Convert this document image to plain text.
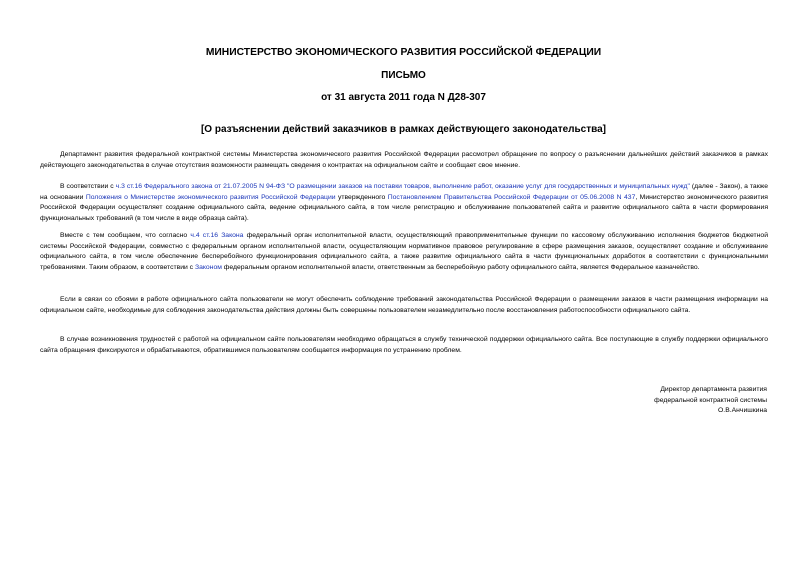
МИНИСТЕРСТВО ЭКОНОМИЧЕСКОГО РАЗВИТИЯ РОССИЙСКОЙ ФЕДЕРАЦИИ
ПИСЬМО
от 31 августа 2011 года N Д28-307
[О разъяснении действий заказчиков в рамках действующего законодательства]
Департамент развития федеральной контрактной системы Министерства экономического развития Российской Федерации рассмотрел обращение по вопросу о разъяснении дальнейших действий заказчиков в рамках действующего законодательства в случае отсутствия возможности размещать сведения о контрактах на официальном сайте и сообщает свое мнение.
В соответствии с ч.3 ст.16 Федерального закона от 21.07.2005 N 94-ФЗ "О размещении заказов на поставки товаров, выполнение работ, оказание услуг для государственных и муниципальных нужд" (далее - Закон), а также на основании Положения о Министерстве экономического развития Российской Федерации утвержденного Постановлением Правительства Российской Федерации от 05.06.2008 N 437, Министерство экономического развития Российской Федерации осуществляет создание официального сайта, ведение официального сайта, в том числе регистрацию и обслуживание пользователей сайта и развитие официального сайта в части формирования функциональных требований (в том числе в виде образца сайта).
Вместе с тем сообщаем, что согласно ч.4 ст.16 Закона федеральный орган исполнительной власти, осуществляющий правоприменительные функции по кассовому обслуживанию исполнения бюджетов бюджетной системы Российской Федерации, совместно с федеральным органом исполнительной власти, осуществляющим нормативное правовое регулирование в сфере размещения заказов, осуществляет создание и обслуживание официального сайта, в том числе обеспечение бесперебойного функционирования официального сайта, а также развитие официального сайта в части функциональных доработок в соответствии с функциональными требованиями. Таким образом, в соответствии с Законом федеральным органом исполнительной власти, ответственным за бесперебойную работу официального сайта, является Федеральное казначейство.
Если в связи со сбоями в работе официального сайта пользователи не могут обеспечить соблюдение требований законодательства Российской Федерации о размещении заказов в части размещения информации на официальном сайте, необходимые для соблюдения законодательства действия должны быть совершены пользователем незамедлительно после восстановления работоспособности официального сайта.
В случае возникновения трудностей с работой на официальном сайте пользователям необходимо обращаться в службу технической поддержки официального сайта. Все поступающие в службу поддержки официального сайта обращения фиксируются и обрабатываются, обратившимся пользователям сообщается информация по устранению проблем.
Директор департамента развития
федеральной контрактной системы
О.В.Анчишкина
